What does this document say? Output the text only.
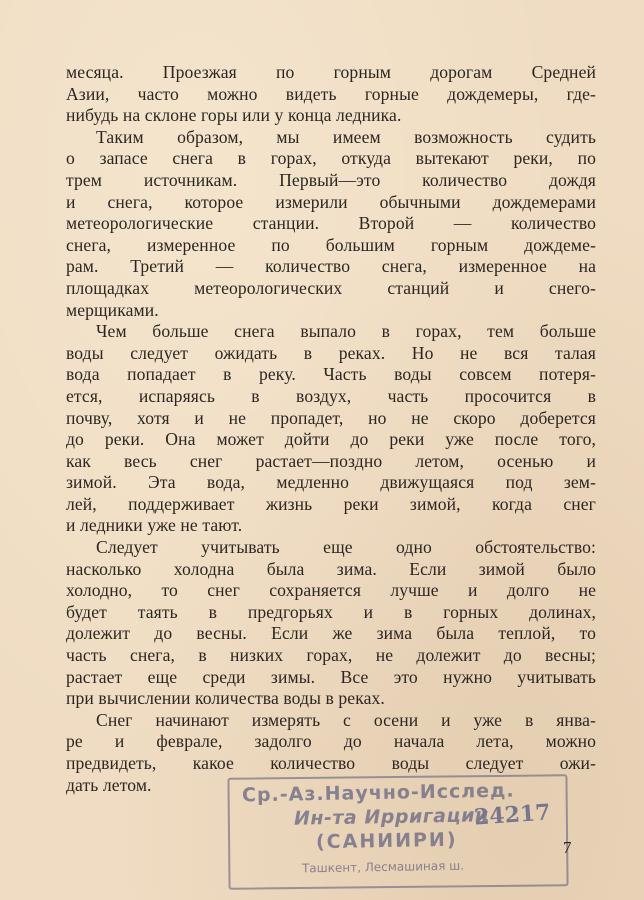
месяца. Проезжая по горным дорогам Средней
Азии, часто можно видеть горные дождемеры, где-
нибудь на склоне горы или у конца ледника.
Таким образом, мы имеем возможность судить
о запасе снега в горах, откуда вытекают реки, по
трем источникам. Первый—это количество дождя
и снега, которое измерили обычными дождемерами
метеорологические станции. Второй — количество
снега, измеренное по большим горным дождеме-
рам. Третий — количество снега, измеренное на
площадках метеорологических станций и снего-
мерщиками.
Чем больше снега выпало в горах, тем больше
воды следует ожидать в реках. Но не вся талая
вода попадает в реку. Часть воды совсем потеря-
ется, испаряясь в воздух, часть просочится в
почву, хотя и не пропадет, но не скоро доберется
до реки. Она может дойти до реки уже после того,
как весь снег растает—поздно летом, осенью и
зимой. Эта вода, медленно движущаяся под зем-
лей, поддерживает жизнь реки зимой, когда снег
и ледники уже не тают.
Следует учитывать еще одно обстоятельство:
насколько холодна была зима. Если зимой было
холодно, то снег сохраняется лучше и долго не
будет таять в предгорьях и в горных долинах,
долежит до весны. Если же зима была теплой, то
часть снега, в низких горах, не долежит до весны;
растает еще среди зимы. Все это нужно учитывать
при вычислении количества воды в реках.
Снег начинают измерять с осени и уже в янва-
ре и феврале, задолго до начала лета, можно
предвидеть, какое количество воды следует ожи-
дать летом.	Ср.-Аз.Научно-Исслед.
Ин-та Ирригации
(САНИИРИ)
Ташкент, Лесмашиная ш.
24217
7
